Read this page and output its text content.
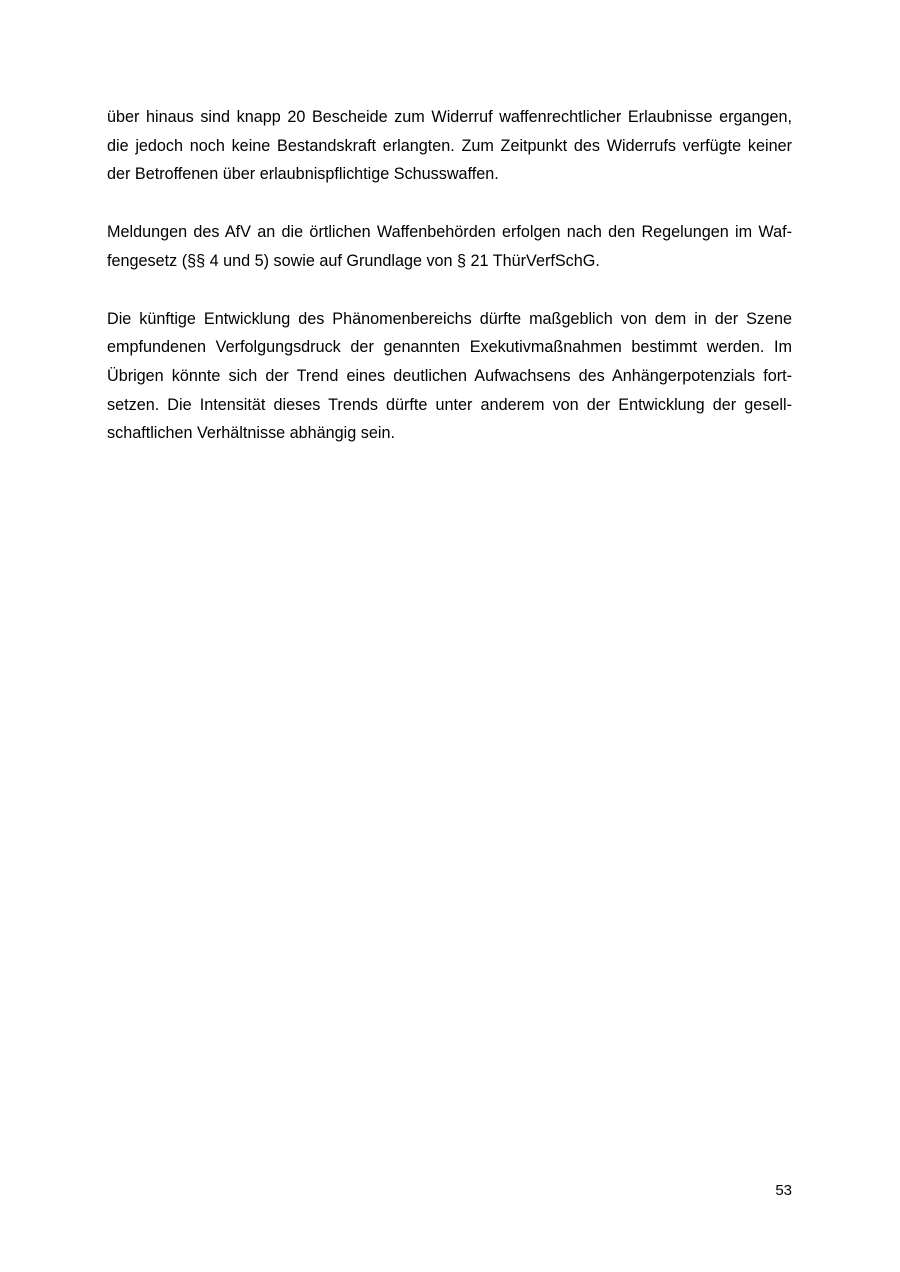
über hinaus sind knapp 20 Bescheide zum Widerruf waffenrechtlicher Erlaubnisse ergangen,
die jedoch noch keine Bestandskraft erlangten. Zum Zeitpunkt des Widerrufs verfügte keiner
der Betroffenen über erlaubnispflichtige Schusswaffen.

Meldungen des AfV an die örtlichen Waffenbehörden erfolgen nach den Regelungen im Waf-
fengesetz (§§ 4 und 5) sowie auf Grundlage von § 21 ThürVerfSchG.

Die künftige Entwicklung des Phänomenbereichs dürfte maßgeblich von dem in der Szene
empfundenen Verfolgungsdruck der genannten Exekutivmaßnahmen bestimmt werden. Im
Übrigen könnte sich der Trend eines deutlichen Aufwachsens des Anhängerpotenzials fort-
setzen. Die Intensität dieses Trends dürfte unter anderem von der Entwicklung der gesell-
schaftlichen Verhältnisse abhängig sein.

53
